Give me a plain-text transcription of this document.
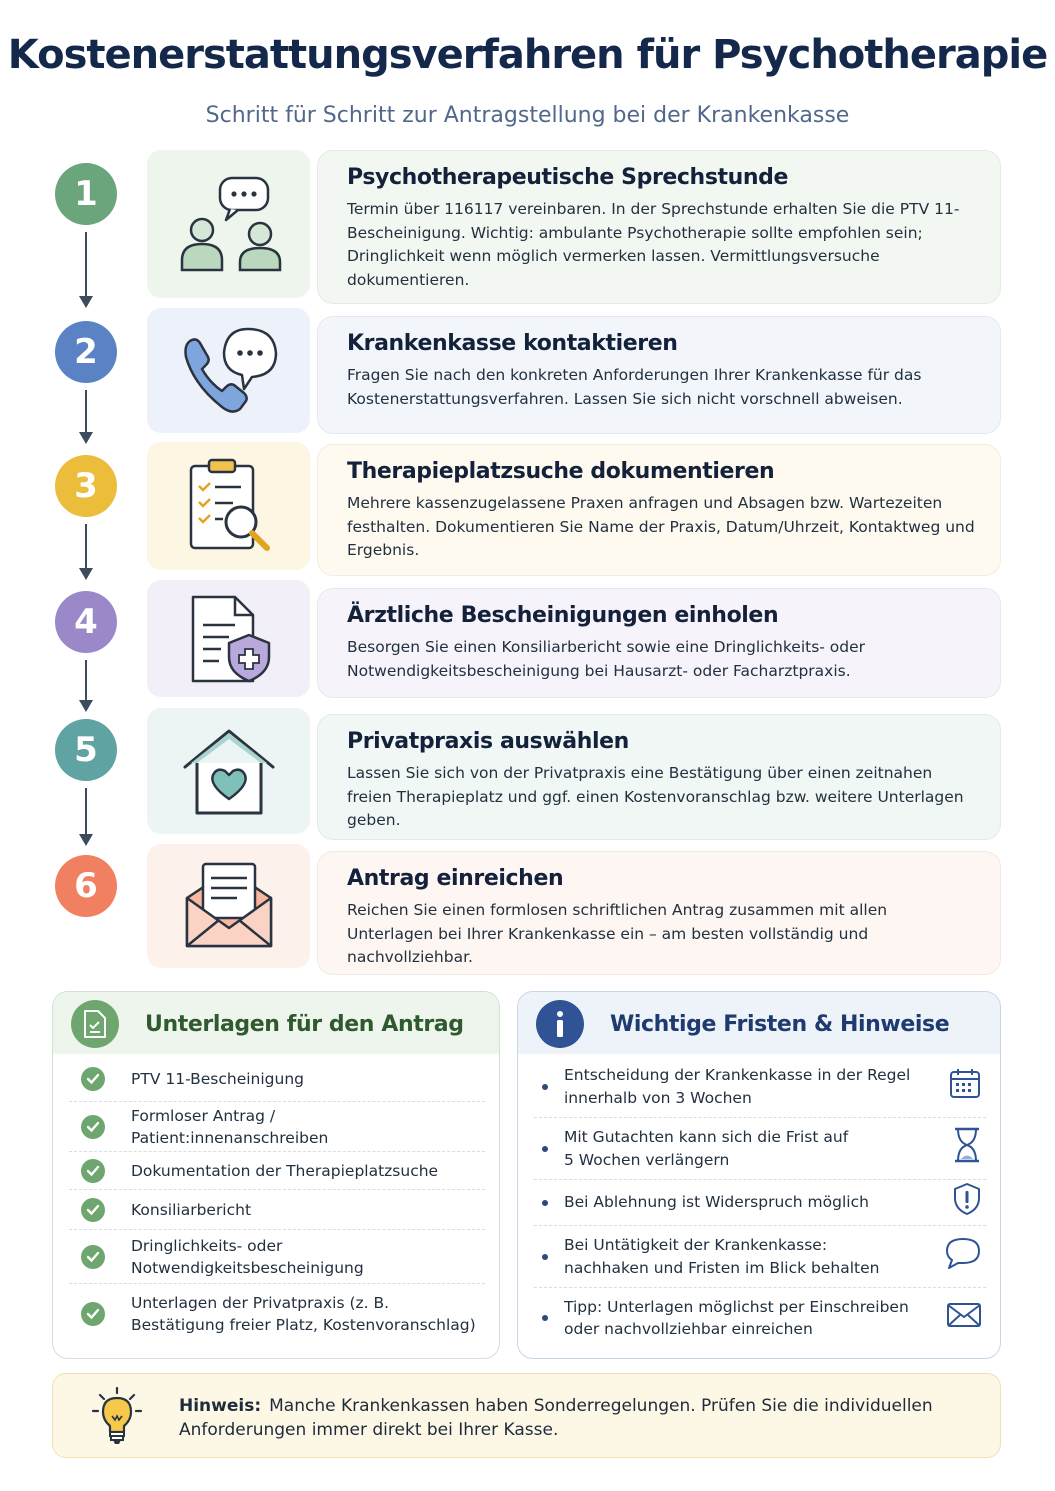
Kostenerstattungsverfahren für Psychotherapie
Schritt für Schritt zur Antragstellung bei der Krankenkasse
1	Psychotherapeutische Sprechstunde

Termin über 116117 vereinbaren. In der Sprechstunde erhalten Sie die PTV 11-Bescheinigung. Wichtig: ambulante Psychotherapie sollte empfohlen sein; Dringlichkeit wenn möglich vermerken lassen. Vermittlungsversuche dokumentieren.

2	Krankenkasse kontaktieren

Fragen Sie nach den konkreten Anforderungen Ihrer Krankenkasse für das Kostenerstattungsverfahren. Lassen Sie sich nicht vorschnell abweisen.

3	Therapieplatzsuche dokumentieren

Mehrere kassenzugelassene Praxen anfragen und Absagen bzw. Wartezeiten festhalten. Dokumentieren Sie Name der Praxis, Datum/Uhrzeit, Kontaktweg und Ergebnis.

4	Ärztliche Bescheinigungen einholen

Besorgen Sie einen Konsiliarbericht sowie eine Dringlichkeits- oder Notwendigkeitsbescheinigung bei Hausarzt- oder Facharztpraxis.

5	Privatpraxis auswählen

Lassen Sie sich von der Privatpraxis eine Bestätigung über einen zeitnahen freien Therapieplatz und ggf. einen Kostenvoranschlag bzw. weitere Unterlagen geben.

6	Antrag einreichen

Reichen Sie einen formlosen schriftlichen Antrag zusammen mit allen Unterlagen bei Ihrer Krankenkasse ein – am besten vollständig und nachvollziehbar.

Unterlagen für den Antrag
PTV 11-Bescheinigung
Formloser Antrag / Patient:innenanschreiben
Dokumentation der Therapieplatzsuche
Konsiliarbericht
Dringlichkeits- oder Notwendigkeitsbescheinigung
Unterlagen der Privatpraxis (z. B. Bestätigung freier Platz, Kostenvoranschlag)
Wichtige Fristen & Hinweise
Entscheidung der Krankenkasse in der Regel innerhalb von 3 Wochen
Mit Gutachten kann sich die Frist auf 5 Wochen verlängern
Bei Ablehnung ist Widerspruch möglich
Bei Untätigkeit der Krankenkasse: nachhaken und Fristen im Blick behalten
Tipp: Unterlagen möglichst per Einschreiben oder nachvollziehbar einreichen
Hinweis: Manche Krankenkassen haben Sonderregelungen. Prüfen Sie die individuellen Anforderungen immer direkt bei Ihrer Kasse.
